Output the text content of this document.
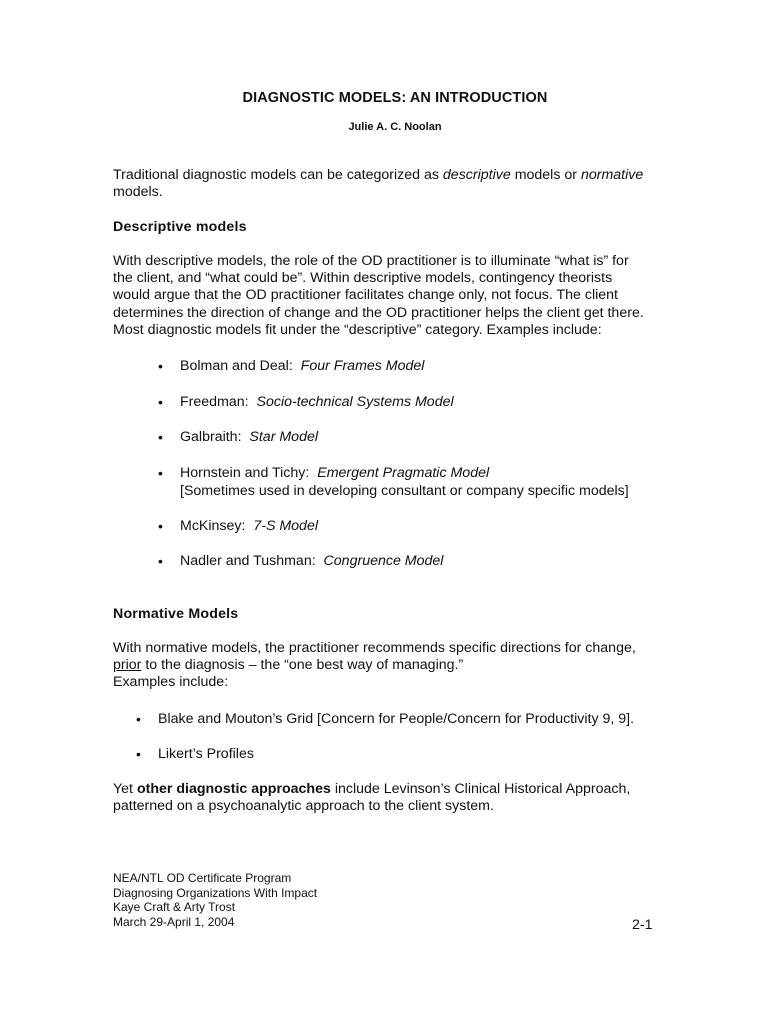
DIAGNOSTIC MODELS: AN INTRODUCTION
Julie A. C. Noolan
Traditional diagnostic models can be categorized as descriptive models or normative
models.
Descriptive models
With descriptive models, the role of the OD practitioner is to illuminate “what is” for
the client, and “what could be”. Within descriptive models, contingency theorists
would argue that the OD practitioner facilitates change only, not focus. The client
determines the direction of change and the OD practitioner helps the client get there.
Most diagnostic models fit under the “descriptive” category. Examples include:
• Bolman and Deal: Four Frames Model
• Freedman: Socio-technical Systems Model
• Galbraith: Star Model
• Hornstein and Tichy: Emergent Pragmatic Model
[Sometimes used in developing consultant or company specific models]
• McKinsey: 7-S Model
• Nadler and Tushman: Congruence Model
Normative Models
With normative models, the practitioner recommends specific directions for change,
prior to the diagnosis – the “one best way of managing.”
Examples include:
• Blake and Mouton’s Grid [Concern for People/Concern for Productivity 9, 9].
• Likert’s Profiles
Yet other diagnostic approaches include Levinson’s Clinical Historical Approach,
patterned on a psychoanalytic approach to the client system.
NEA/NTL OD Certificate Program
Diagnosing Organizations With Impact
Kaye Craft & Arty Trost
March 29-April 1, 2004	2-1
